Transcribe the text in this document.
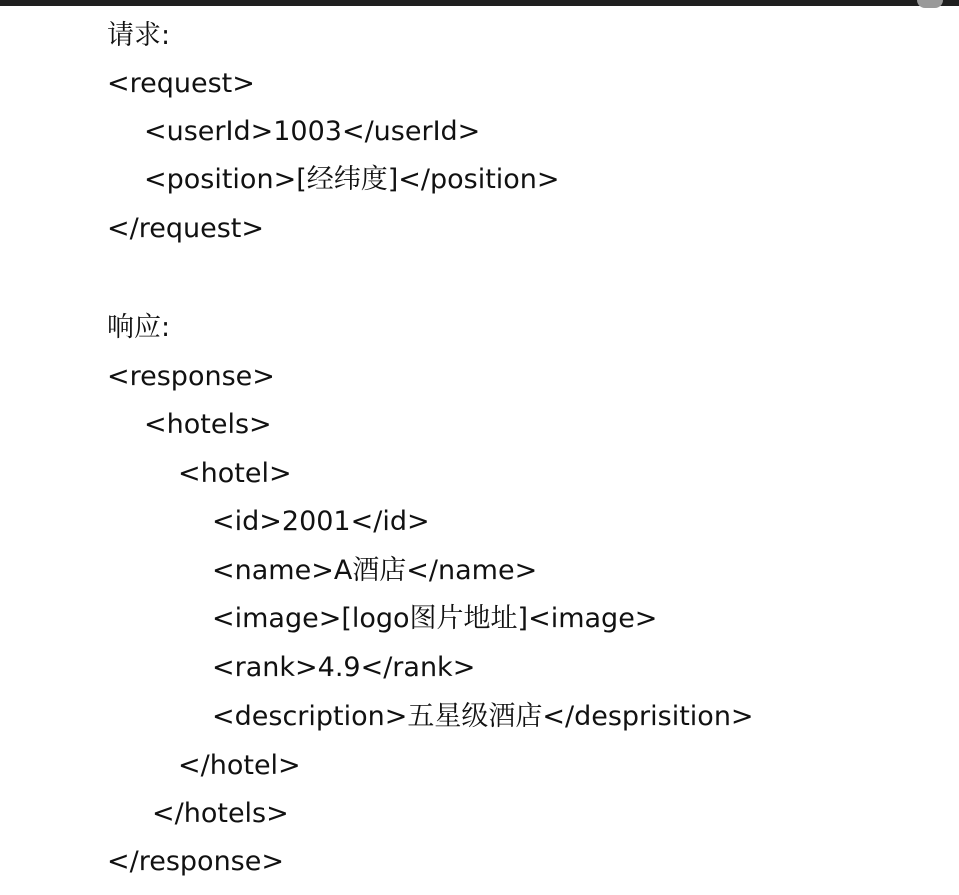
请求:
<request>
<userId>1003</userId>
<position>[经纬度]</position>
</request>
响应:
<response>
<hotels>
<hotel>
<id>2001</id>
<name>A酒店</name>
<image>[logo图片地址]<image>
<rank>4.9</rank>
<description>五星级酒店</desprisition>
</hotel>
</hotels>
</response>
